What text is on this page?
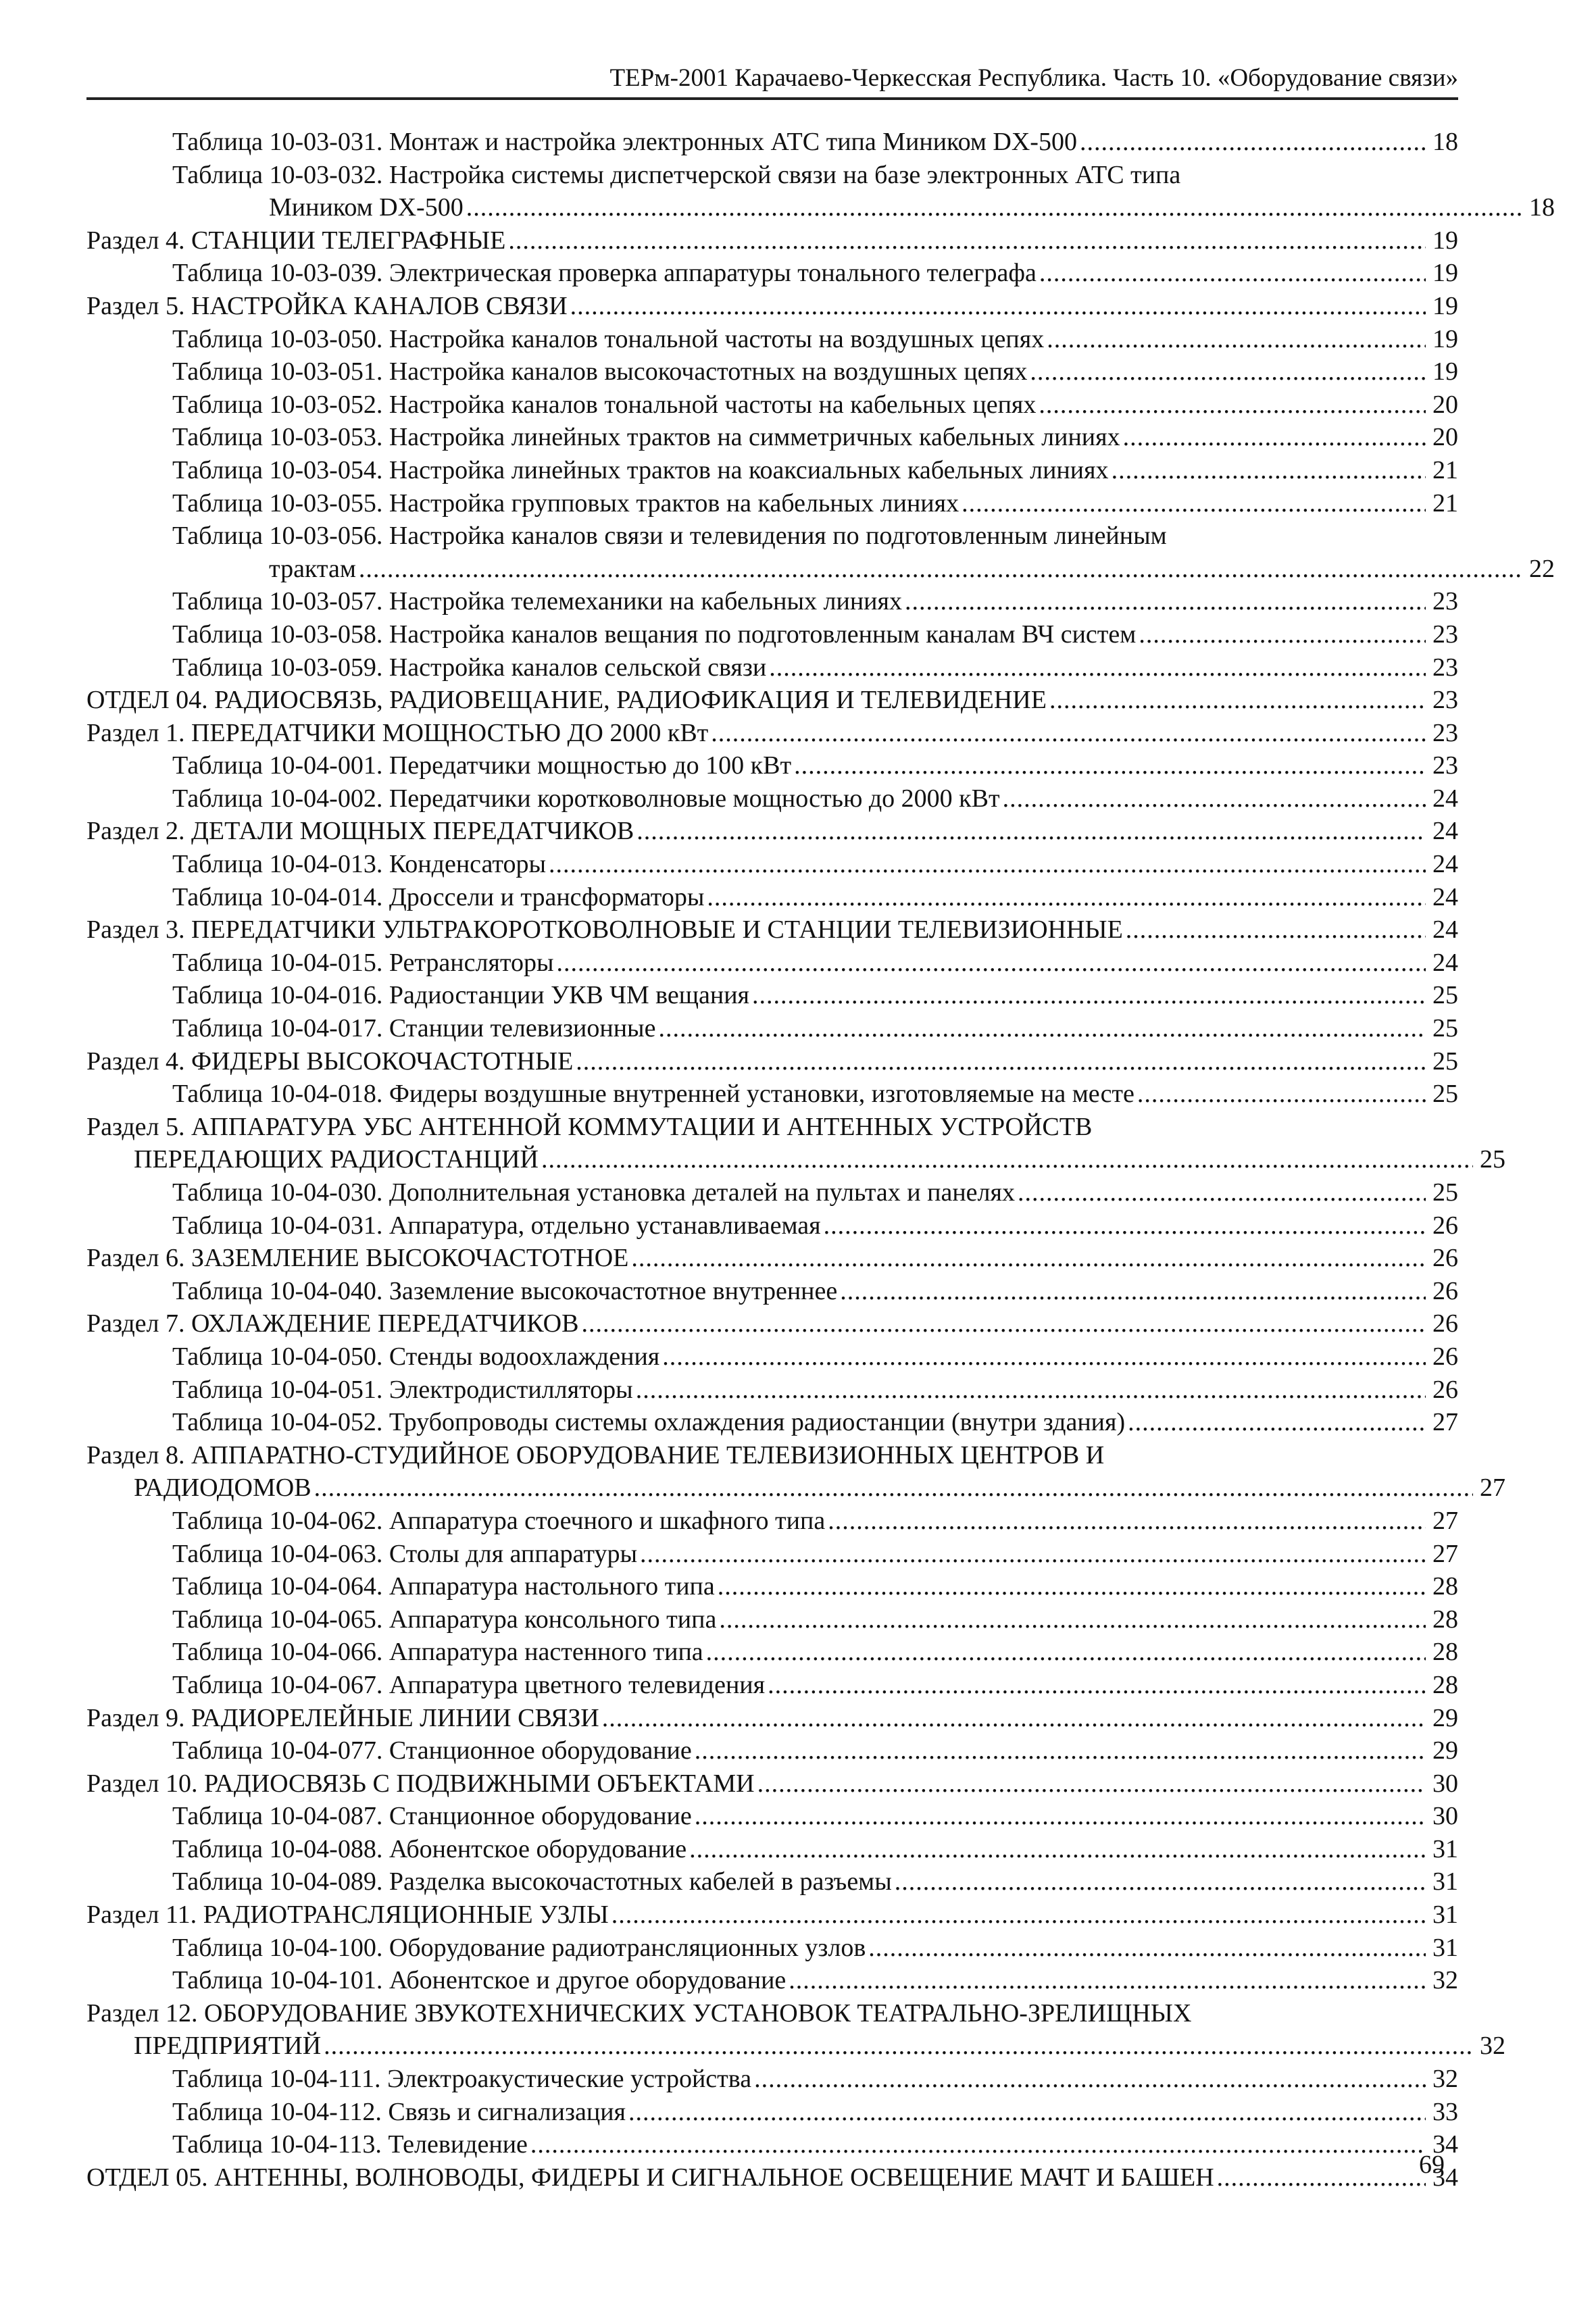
ТЕРм-2001 Карачаево-Черкесская Республика. Часть 10. «Оборудование связи»
Таблица 10-03-031. Монтаж и настройка электронных АТС типа Миником DX-500 .....	18
Таблица 10-03-032. Настройка системы диспетчерской связи на базе электронных АТС типа
Миником DX-500 .....	18
Раздел 4. СТАНЦИИ ТЕЛЕГРАФНЫЕ .....	19
Таблица 10-03-039. Электрическая проверка аппаратуры тонального телеграфа .....	19
Раздел 5. НАСТРОЙКА КАНАЛОВ СВЯЗИ .....	19
Таблица 10-03-050. Настройка каналов тональной частоты на воздушных цепях .....	19
Таблица 10-03-051. Настройка каналов высокочастотных на воздушных цепях .....	19
Таблица 10-03-052. Настройка каналов тональной частоты на кабельных цепях .....	20
Таблица 10-03-053. Настройка линейных трактов на симметричных кабельных линиях .....	20
Таблица 10-03-054. Настройка линейных трактов на коаксиальных кабельных линиях .....	21
Таблица 10-03-055. Настройка групповых трактов на кабельных линиях .....	21
Таблица 10-03-056. Настройка каналов связи и телевидения по подготовленным линейным
трактам .....	22
Таблица 10-03-057. Настройка телемеханики на кабельных линиях .....	23
Таблица 10-03-058. Настройка каналов вещания по подготовленным каналам ВЧ систем .....	23
Таблица 10-03-059. Настройка каналов сельской связи .....	23
ОТДЕЛ 04. РАДИОСВЯЗЬ, РАДИОВЕЩАНИЕ, РАДИОФИКАЦИЯ И ТЕЛЕВИДЕНИЕ .....	23
Раздел 1. ПЕРЕДАТЧИКИ МОЩНОСТЬЮ ДО 2000 кВт .....	23
Таблица 10-04-001. Передатчики мощностью до 100 кВт .....	23
Таблица 10-04-002. Передатчики коротковолновые мощностью до 2000 кВт .....	24
Раздел 2. ДЕТАЛИ МОЩНЫХ ПЕРЕДАТЧИКОВ .....	24
Таблица 10-04-013. Конденсаторы .....	24
Таблица 10-04-014. Дроссели и трансформаторы .....	24
Раздел 3. ПЕРЕДАТЧИКИ УЛЬТРАКОРОТКОВОЛНОВЫЕ И СТАНЦИИ ТЕЛЕВИЗИОННЫЕ .....	24
Таблица 10-04-015. Ретрансляторы .....	24
Таблица 10-04-016. Радиостанции УКВ ЧМ вещания .....	25
Таблица 10-04-017. Станции телевизионные .....	25
Раздел 4. ФИДЕРЫ ВЫСОКОЧАСТОТНЫЕ .....	25
Таблица 10-04-018. Фидеры воздушные внутренней установки, изготовляемые на месте .....	25
Раздел 5. АППАРАТУРА УБС АНТЕННОЙ КОММУТАЦИИ И АНТЕННЫХ УСТРОЙСТВ
ПЕРЕДАЮЩИХ РАДИОСТАНЦИЙ .....	25
Таблица 10-04-030. Дополнительная установка деталей на пультах и панелях .....	25
Таблица 10-04-031. Аппаратура, отдельно устанавливаемая .....	26
Раздел 6. ЗАЗЕМЛЕНИЕ ВЫСОКОЧАСТОТНОЕ .....	26
Таблица 10-04-040. Заземление высокочастотное внутреннее .....	26
Раздел 7. ОХЛАЖДЕНИЕ ПЕРЕДАТЧИКОВ .....	26
Таблица 10-04-050. Стенды водоохлаждения .....	26
Таблица 10-04-051. Электродистилляторы .....	26
Таблица 10-04-052. Трубопроводы системы охлаждения радиостанции (внутри здания) .....	27
Раздел 8. АППАРАТНО-СТУДИЙНОЕ ОБОРУДОВАНИЕ ТЕЛЕВИЗИОННЫХ ЦЕНТРОВ И
РАДИОДОМОВ .....	27
Таблица 10-04-062. Аппаратура стоечного и шкафного типа .....	27
Таблица 10-04-063. Столы для аппаратуры .....	27
Таблица 10-04-064. Аппаратура настольного типа .....	28
Таблица 10-04-065. Аппаратура консольного типа .....	28
Таблица 10-04-066. Аппаратура настенного типа .....	28
Таблица 10-04-067. Аппаратура цветного телевидения .....	28
Раздел 9. РАДИОРЕЛЕЙНЫЕ ЛИНИИ СВЯЗИ .....	29
Таблица 10-04-077. Станционное оборудование .....	29
Раздел 10. РАДИОСВЯЗЬ С ПОДВИЖНЫМИ ОБЪЕКТАМИ .....	30
Таблица 10-04-087. Станционное оборудование .....	30
Таблица 10-04-088. Абонентское оборудование .....	31
Таблица 10-04-089. Разделка высокочастотных кабелей в разъемы .....	31
Раздел 11. РАДИОТРАНСЛЯЦИОННЫЕ УЗЛЫ .....	31
Таблица 10-04-100. Оборудование радиотрансляционных узлов .....	31
Таблица 10-04-101. Абонентское и другое оборудование .....	32
Раздел 12. ОБОРУДОВАНИЕ ЗВУКОТЕХНИЧЕСКИХ УСТАНОВОК ТЕАТРАЛЬНО-ЗРЕЛИЩНЫХ
ПРЕДПРИЯТИЙ .....	32
Таблица 10-04-111. Электроакустические устройства .....	32
Таблица 10-04-112. Связь и сигнализация .....	33
Таблица 10-04-113. Телевидение .....	34
ОТДЕЛ 05. АНТЕННЫ, ВОЛНОВОДЫ, ФИДЕРЫ И СИГНАЛЬНОЕ ОСВЕЩЕНИЕ МАЧТ И БАШЕН .....	34
69
